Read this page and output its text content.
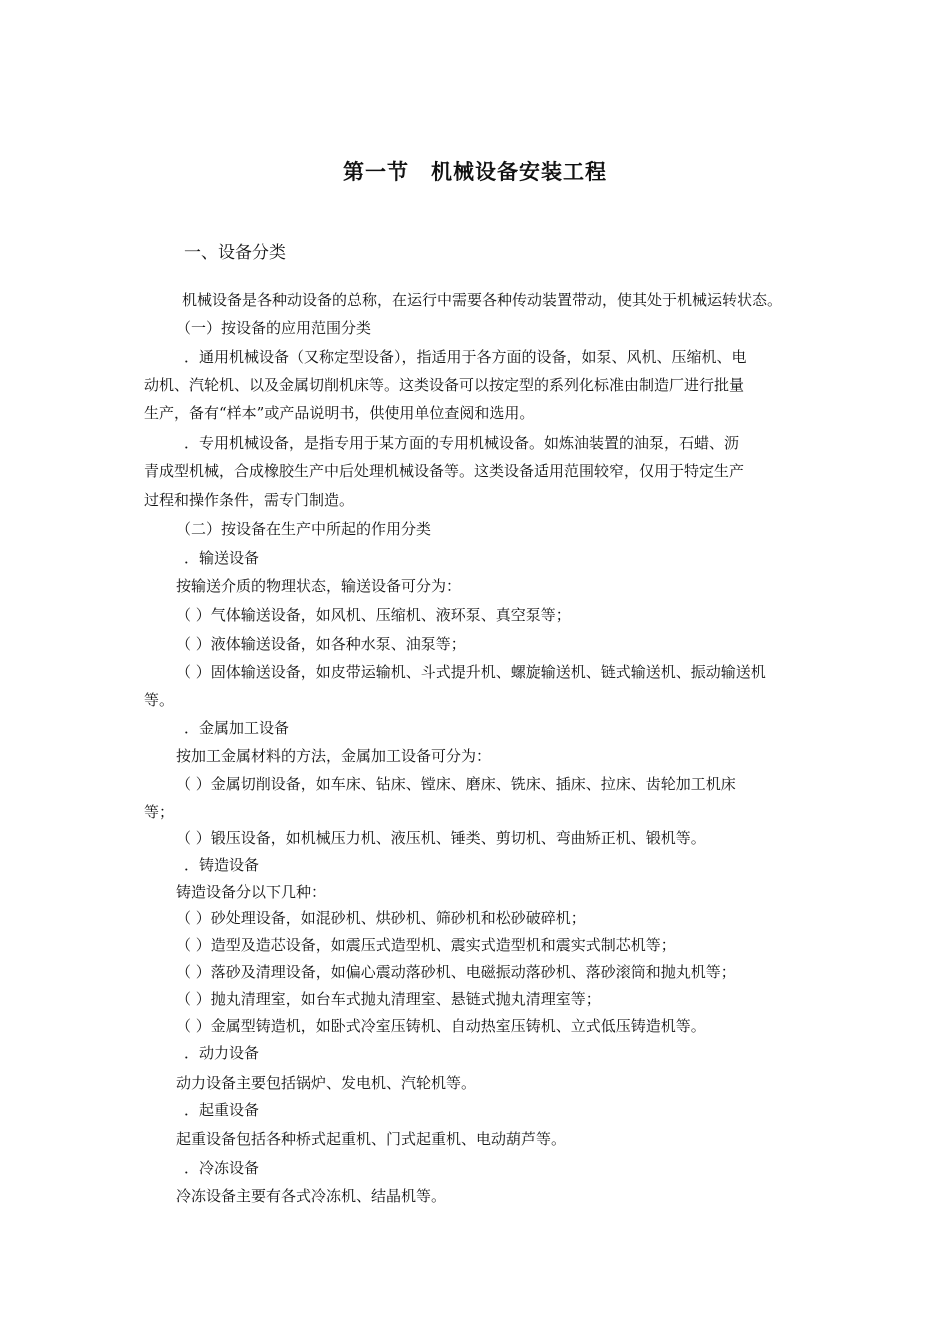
第一节　机械设备安装工程
一、设备分类
机械设备是各种动设备的总称，在运行中需要各种传动装置带动，使其处于机械运转状态。
（一）按设备的应用范围分类
．通用机械设备（又称定型设备），指适用于各方面的设备，如泵、风机、压缩机、电
动机、汽轮机、以及金属切削机床等。这类设备可以按定型的系列化标准由制造厂进行批量
生产，备有“样本”或产品说明书，供使用单位查阅和选用。
．专用机械设备，是指专用于某方面的专用机械设备。如炼油装置的油泵，石蜡、沥
青成型机械，合成橡胶生产中后处理机械设备等。这类设备适用范围较窄，仅用于特定生产
过程和操作条件，需专门制造。
（二）按设备在生产中所起的作用分类
．输送设备
按输送介质的物理状态，输送设备可分为：
（ ）气体输送设备，如风机、压缩机、液环泵、真空泵等；
（ ）液体输送设备，如各种水泵、油泵等；
（ ）固体输送设备，如皮带运输机、斗式提升机、螺旋输送机、链式输送机、振动输送机
等。
．金属加工设备
按加工金属材料的方法，金属加工设备可分为：
（ ）金属切削设备，如车床、钻床、镗床、磨床、铣床、插床、拉床、齿轮加工机床
等；
（ ）锻压设备，如机械压力机、液压机、锤类、剪切机、弯曲矫正机、锻机等。
．铸造设备
铸造设备分以下几种：
（ ）砂处理设备，如混砂机、烘砂机、筛砂机和松砂破碎机；
（ ）造型及造芯设备，如震压式造型机、震实式造型机和震实式制芯机等；
（ ）落砂及清理设备，如偏心震动落砂机、电磁振动落砂机、落砂滚筒和抛丸机等；
（ ）抛丸清理室，如台车式抛丸清理室、悬链式抛丸清理室等；
（ ）金属型铸造机，如卧式冷室压铸机、自动热室压铸机、立式低压铸造机等。
．动力设备
动力设备主要包括锅炉、发电机、汽轮机等。
．起重设备
起重设备包括各种桥式起重机、门式起重机、电动葫芦等。
．冷冻设备
冷冻设备主要有各式冷冻机、结晶机等。
